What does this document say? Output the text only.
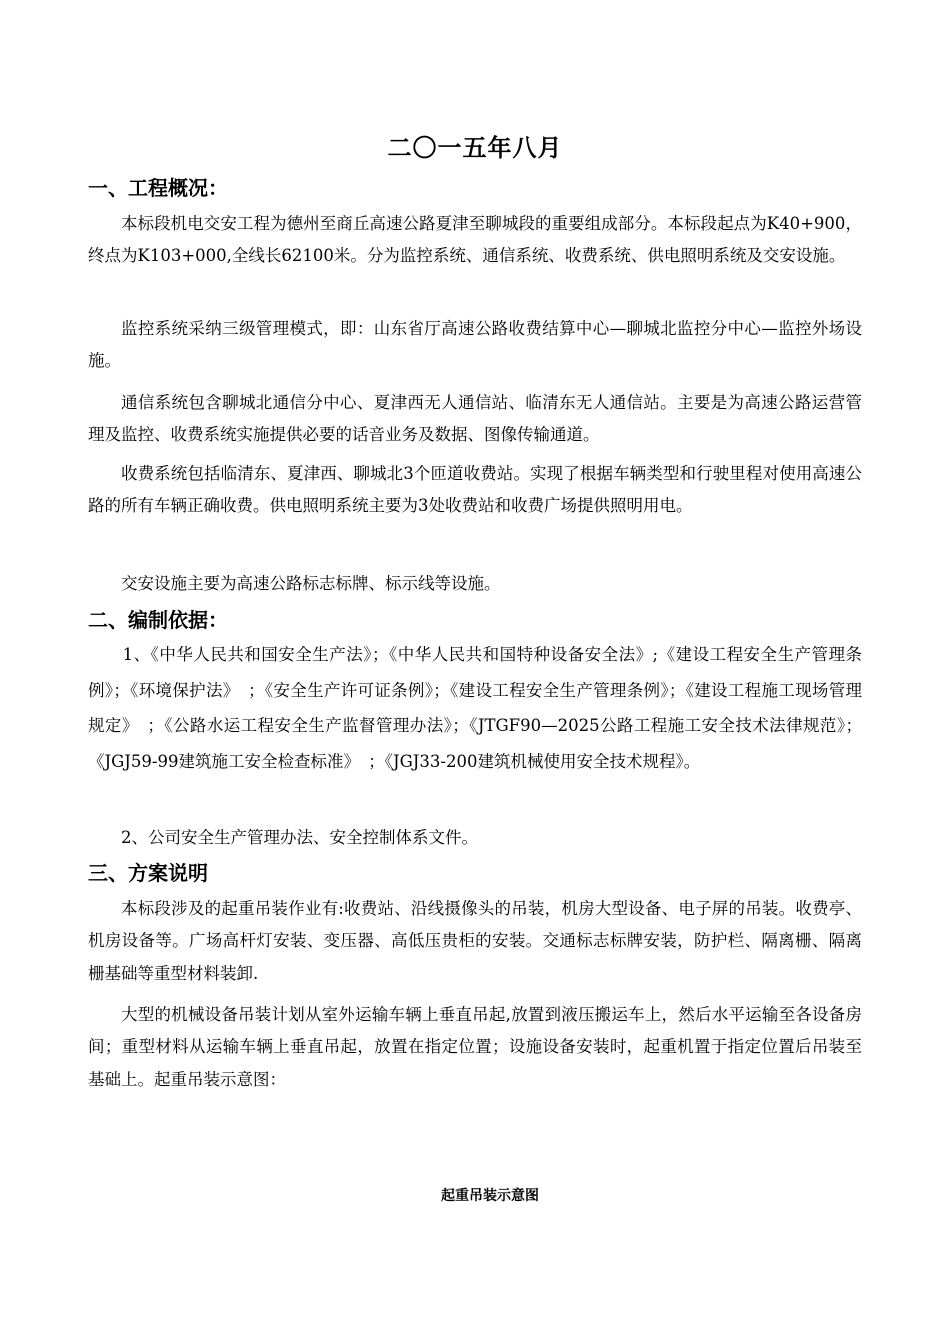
二〇一五年八月
一、工程概况：

本标段机电交安工程为德州至商丘高速公路夏津至聊城段的重要组成部分。本标段起点为K40+900，终点为K103+000,全线长62100米。分为监控系统、通信系统、收费系统、供电照明系统及交安设施。

监控系统采纳三级管理模式，即：山东省厅高速公路收费结算中心—聊城北监控分中心—监控外场设施。

通信系统包含聊城北通信分中心、夏津西无人通信站、临清东无人通信站。主要是为高速公路运营管理及监控、收费系统实施提供必要的话音业务及数据、图像传输通道。

收费系统包括临清东、夏津西、聊城北3个匝道收费站。实现了根据车辆类型和行驶里程对使用高速公路的所有车辆正确收费。供电照明系统主要为3处收费站和收费广场提供照明用电。

交安设施主要为高速公路标志标牌、标示线等设施。

二、编制依据：

1、《中华人民共和国安全生产法》；《中华人民共和国特种设备安全法》;《建设工程安全生产管理条例》；《环境保护法》　；《安全生产许可证条例》；《建设工程安全生产管理条例》；《建设工程施工现场管理规定》　；《公路水运工程安全生产监督管理办法》；《JTGF90—2025公路工程施工安全技术法律规范》；《JGJ59-99建筑施工安全检查标准》　；《JGJ33-200建筑机械使用安全技术规程》。

2、公司安全生产管理办法、安全控制体系文件。

三、方案说明

本标段涉及的起重吊装作业有:收费站、沿线摄像头的吊装，机房大型设备、电子屏的吊装。收费亭、机房设备等。广场高杆灯安装、变压器、高低压贵柜的安装。交通标志标牌安装，防护栏、隔离栅、隔离栅基础等重型材料装卸.

大型的机械设备吊装计划从室外运输车辆上垂直吊起,放置到液压搬运车上，然后水平运输至各设备房间；重型材料从运输车辆上垂直吊起，放置在指定位置；设施设备安装时，起重机置于指定位置后吊装至基础上。起重吊装示意图：

起重吊装示意图
